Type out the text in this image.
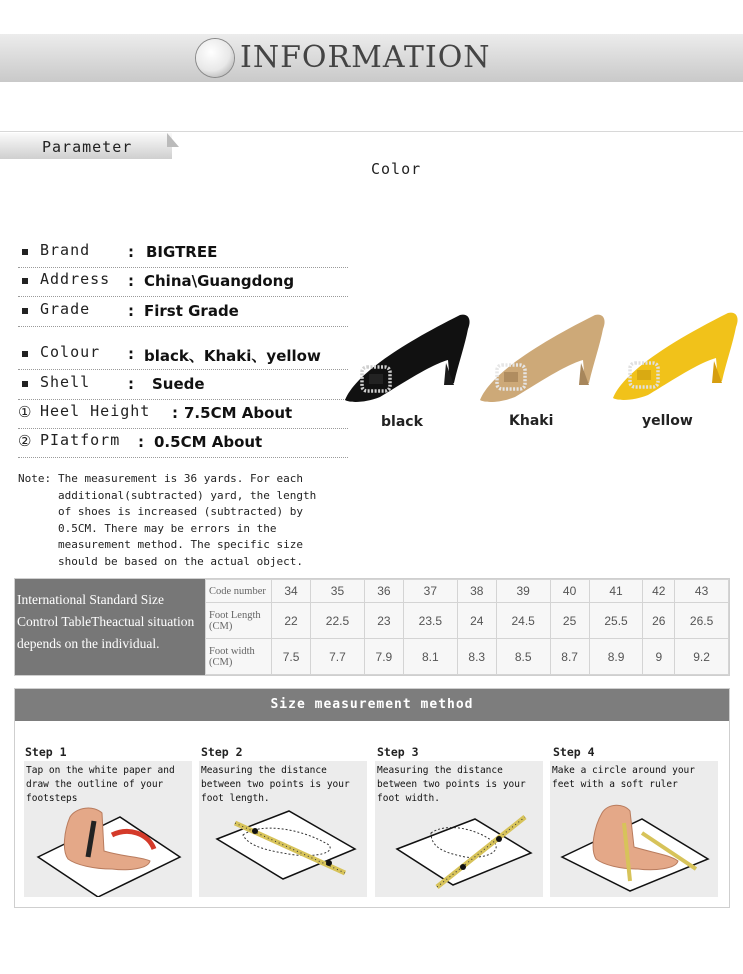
INFORMATION
Parameter
Color
Brand	: BIGTREE
Address : China\Guangdong
Grade	: First Grade
Colour : black、Khaki、yellow
Shell	: Suede
① Heel Height : 7.5CM About
② PIatform : 0.5CM About
black	Khaki	yellow
Note: The measurement is 36 yards. For each additional(subtracted) yard, the length of shoes is increased (subtracted) by 0.5CM. There may be errors in the measurement method. The specific size should be based on the actual object.
International Standard Size Control TableTheactual situation depends on the individual.
Code number	34	35	36	37	38	39	40	41	42	43
Foot Length (CM)	22	22.5	23	23.5	24	24.5	25	25.5	26	26.5
Foot width (CM)	7.5	7.7	7.9	8.1	8.3	8.5	8.7	8.9	9	9.2
Size measurement method
Step 1
Tap on the white paper and draw the outline of your footsteps
Step 2
Measuring the distance between two points is your foot length.
Step 3
Measuring the distance between two points is your foot width.
Step 4
Make a circle around your feet with a soft ruler
